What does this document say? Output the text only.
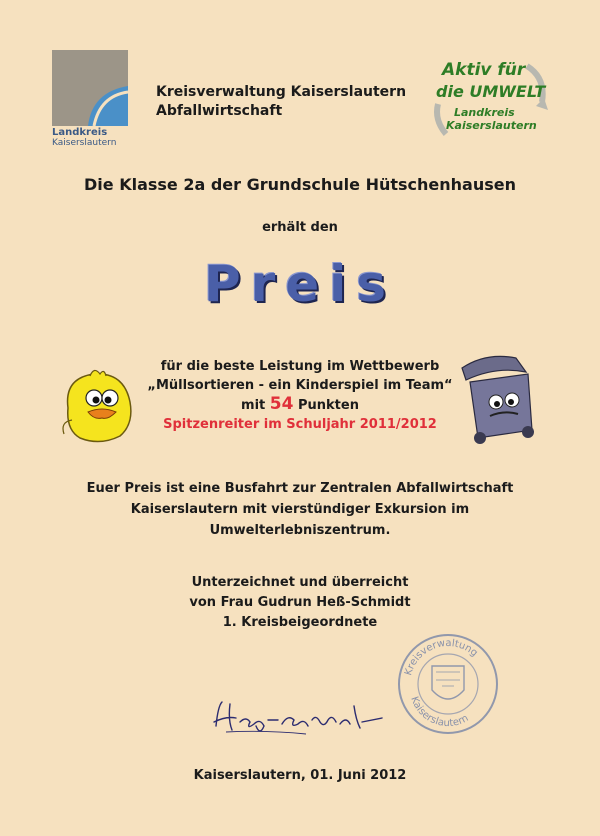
Landkreis
Kaiserslautern
Kreisverwaltung Kaiserslautern
Abfallwirtschaft
Aktiv für
die UMWELT
Landkreis
Kaiserslautern
Die Klasse 2a der Grundschule Hütschenhausen
erhält den
Preis
für die beste Leistung im Wettbewerb
„Müllsortieren - ein Kinderspiel im Team“
mit 54 Punkten
Spitzenreiter im Schuljahr 2011/2012
Euer Preis ist eine Busfahrt zur Zentralen Abfallwirtschaft
Kaiserslautern mit vierstündiger Exkursion im
Umwelterlebniszentrum.
Unterzeichnet und überreicht
von Frau Gudrun Heß-Schmidt
1. Kreisbeigeordnete
Kreisverwaltung
Kaiserslautern
Kaiserslautern, 01. Juni 2012
